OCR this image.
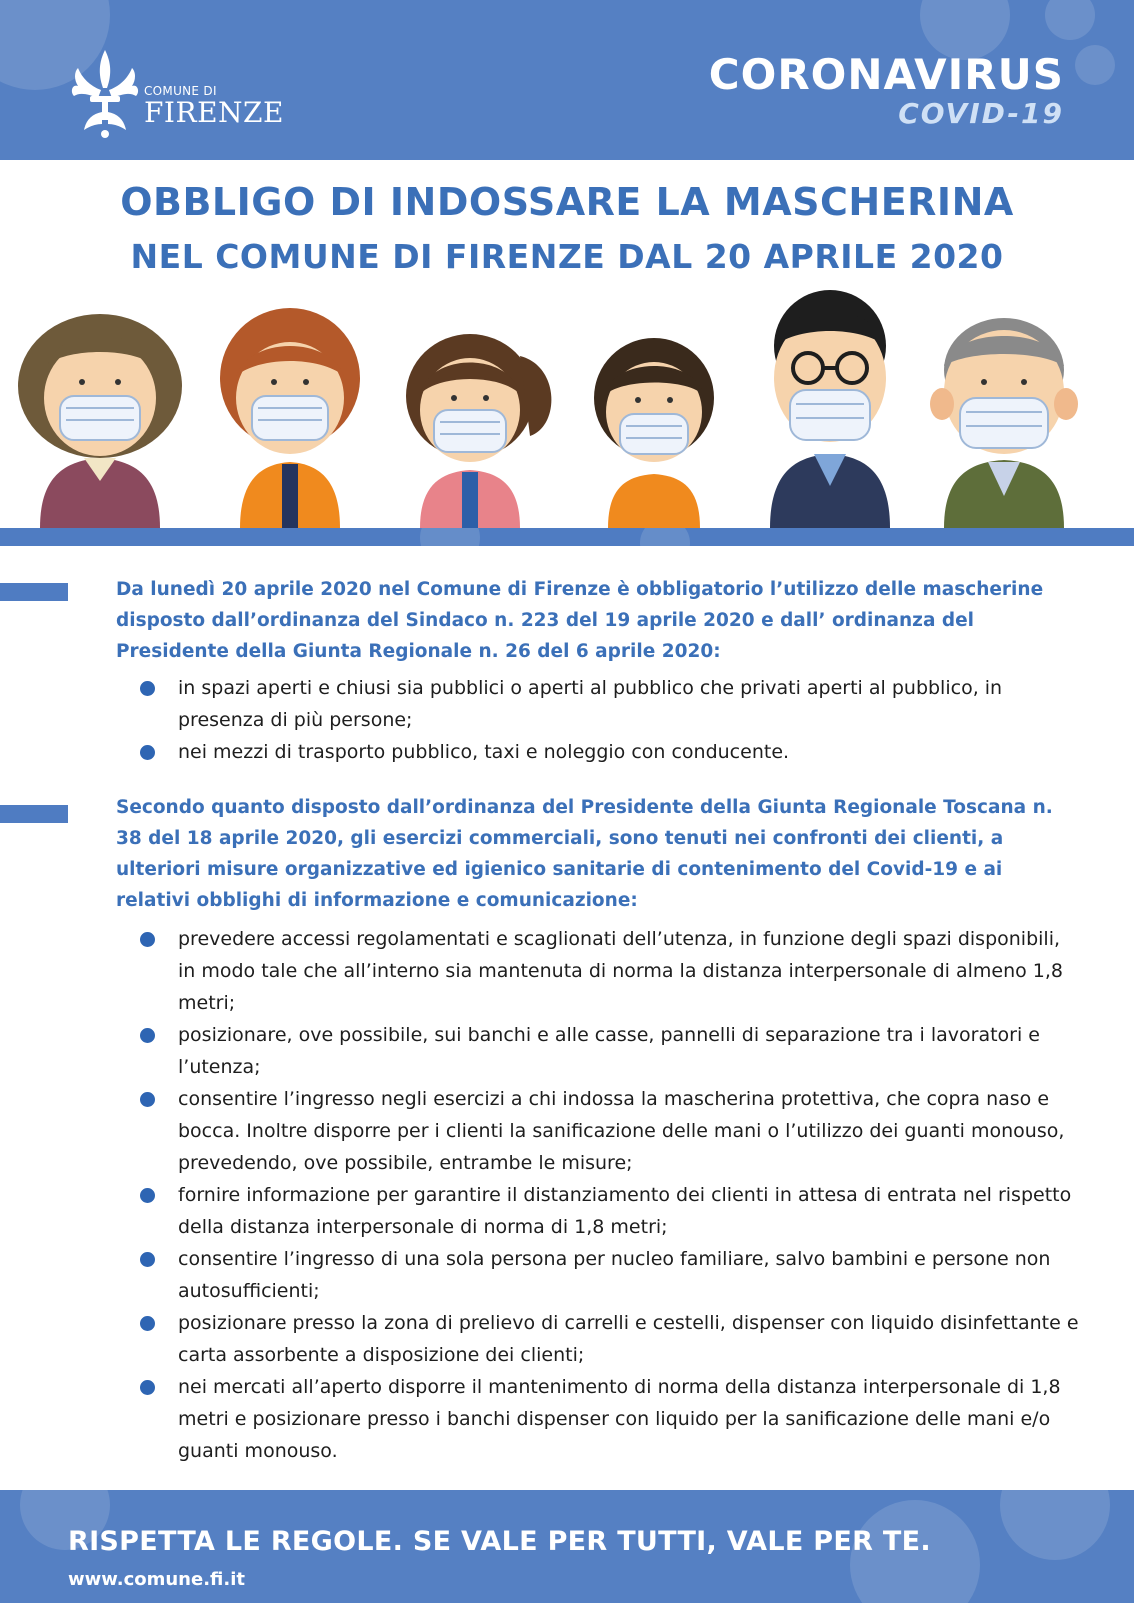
COMUNE DI
FIRENZE
CORONAVIRUS
COVID-19
OBBLIGO DI INDOSSARE LA MASCHERINA
NEL COMUNE DI FIRENZE DAL 20 APRILE 2020
Da lunedì 20 aprile 2020 nel Comune di Firenze è obbligatorio l’utilizzo delle mascherine disposto dall’ordinanza del Sindaco n. 223 del 19 aprile 2020 e dall’ ordinanza del Presidente della Giunta Regionale n. 26 del 6 aprile 2020:
in spazi aperti e chiusi sia pubblici o aperti al pubblico che privati aperti al pubblico, in presenza di più persone;
nei mezzi di trasporto pubblico, taxi e noleggio con conducente.
Secondo quanto disposto dall’ordinanza del Presidente della Giunta Regionale Toscana n. 38 del 18 aprile 2020, gli esercizi commerciali, sono tenuti nei confronti dei clienti, a ulteriori misure organizzative ed igienico sanitarie di contenimento del Covid-19 e ai relativi obblighi di informazione e comunicazione:
prevedere accessi regolamentati e scaglionati dell’utenza, in funzione degli spazi disponibili, in modo tale che all’interno sia mantenuta di norma la distanza interpersonale di almeno 1,8 metri;
posizionare, ove possibile, sui banchi e alle casse, pannelli di separazione tra i lavoratori e l’utenza;
consentire l’ingresso negli esercizi a chi indossa la mascherina protettiva, che copra naso e bocca. Inoltre disporre per i clienti la sanificazione delle mani o l’utilizzo dei guanti monouso, prevedendo, ove possibile, entrambe le misure;
fornire informazione per garantire il distanziamento dei clienti in attesa di entrata nel rispetto della distanza interpersonale di norma di 1,8 metri;
consentire l’ingresso di una sola persona per nucleo familiare, salvo bambini e persone non autosufficienti;
posizionare presso la zona di prelievo di carrelli e cestelli, dispenser con liquido disinfettante e carta assorbente a disposizione dei clienti;
nei mercati all’aperto disporre il mantenimento di norma della distanza interpersonale di 1,8 metri e posizionare presso i banchi dispenser con liquido per la sanificazione delle mani e/o guanti monouso.
RISPETTA LE REGOLE. SE VALE PER TUTTI, VALE PER TE.
www.comune.fi.it
